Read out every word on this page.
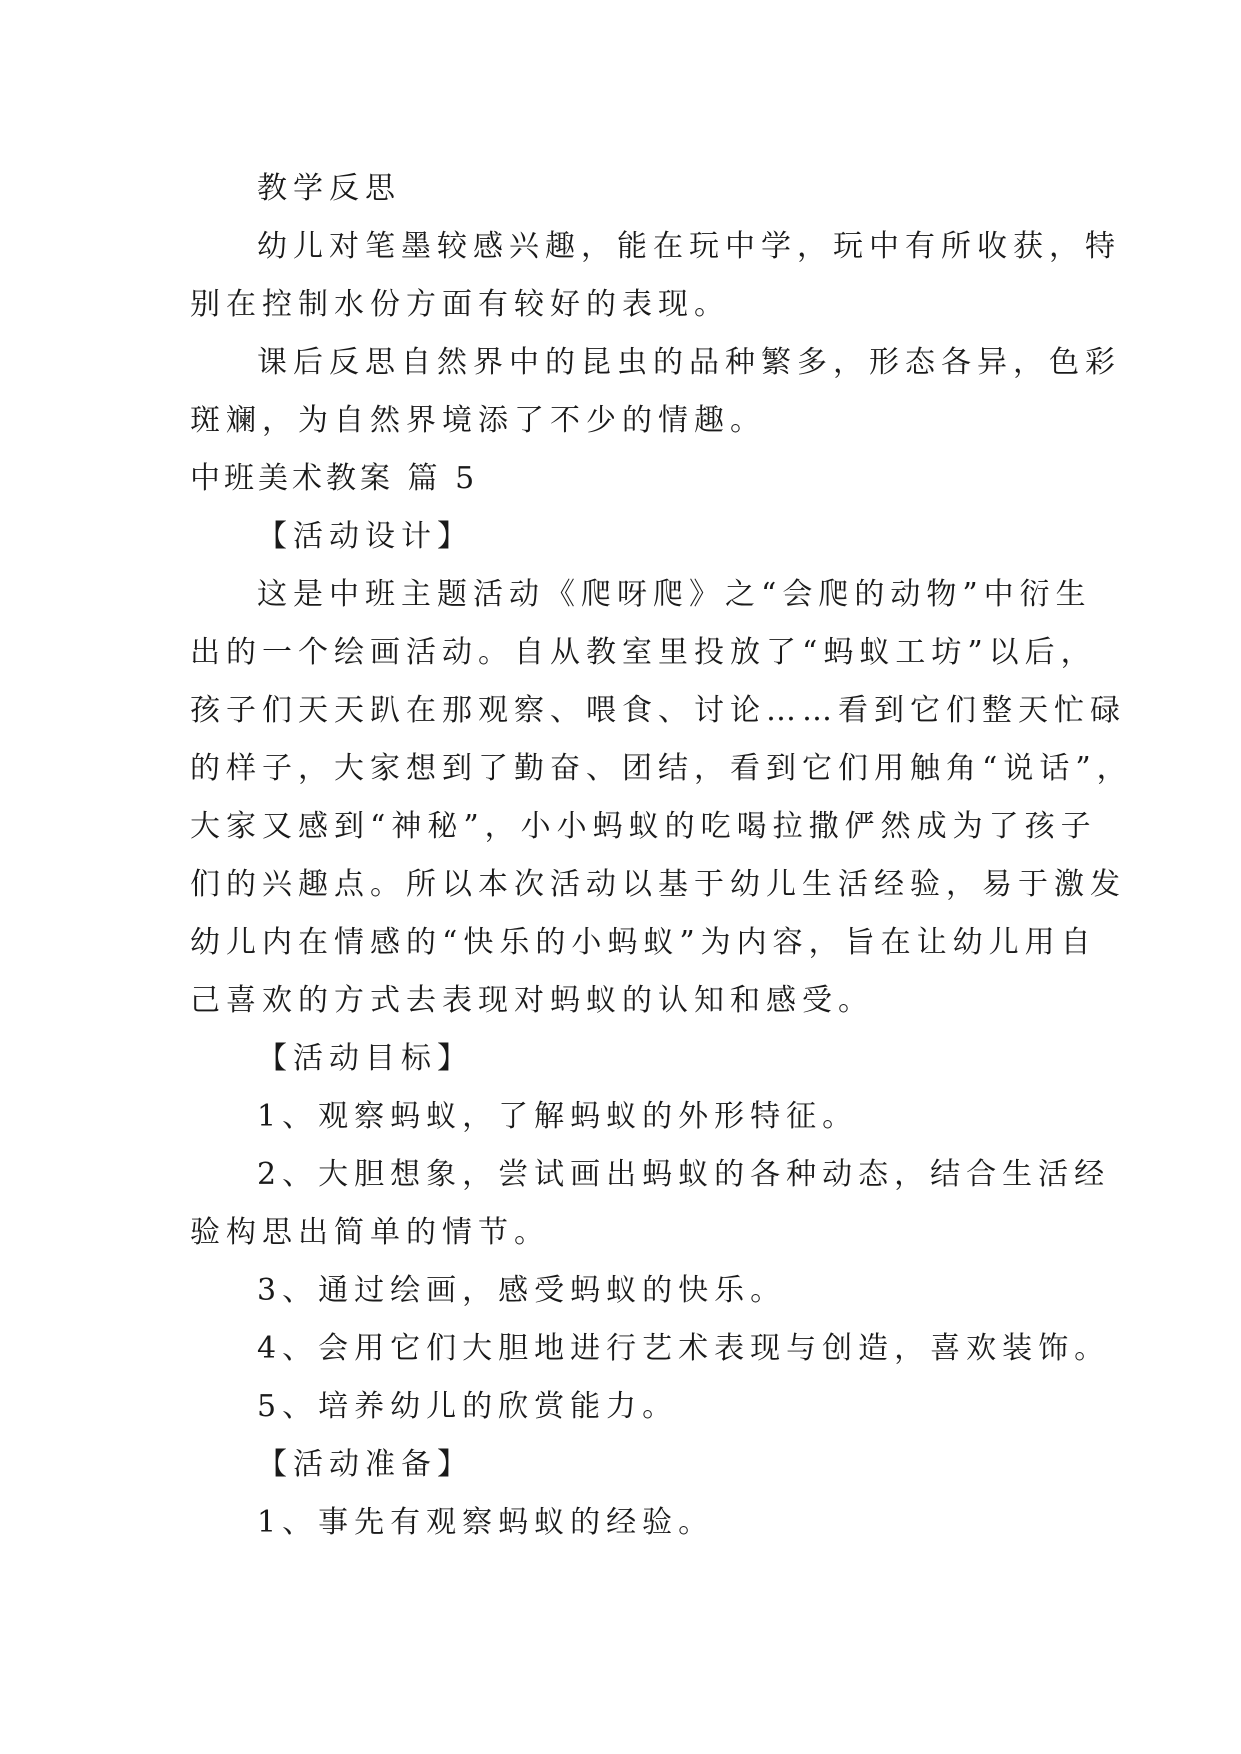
教学反思

幼儿对笔墨较感兴趣，能在玩中学，玩中有所收获，特

别在控制水份方面有较好的表现。

课后反思自然界中的昆虫的品种繁多，形态各异，色彩

斑斓，为自然界境添了不少的情趣。

中班美术教案 篇 5

【活动设计】

这是中班主题活动《爬呀爬》之“会爬的动物”中衍生

出的一个绘画活动。自从教室里投放了“蚂蚁工坊”以后，

孩子们天天趴在那观察、喂食、讨论……看到它们整天忙碌

的样子，大家想到了勤奋、团结，看到它们用触角“说话”，

大家又感到“神秘”，小小蚂蚁的吃喝拉撒俨然成为了孩子

们的兴趣点。所以本次活动以基于幼儿生活经验，易于激发

幼儿内在情感的“快乐的小蚂蚁”为内容，旨在让幼儿用自

己喜欢的方式去表现对蚂蚁的认知和感受。

【活动目标】

1、观察蚂蚁，了解蚂蚁的外形特征。

2、大胆想象，尝试画出蚂蚁的各种动态，结合生活经

验构思出简单的情节。

3、通过绘画，感受蚂蚁的快乐。

4、会用它们大胆地进行艺术表现与创造，喜欢装饰。

5、培养幼儿的欣赏能力。

【活动准备】

1、事先有观察蚂蚁的经验。
